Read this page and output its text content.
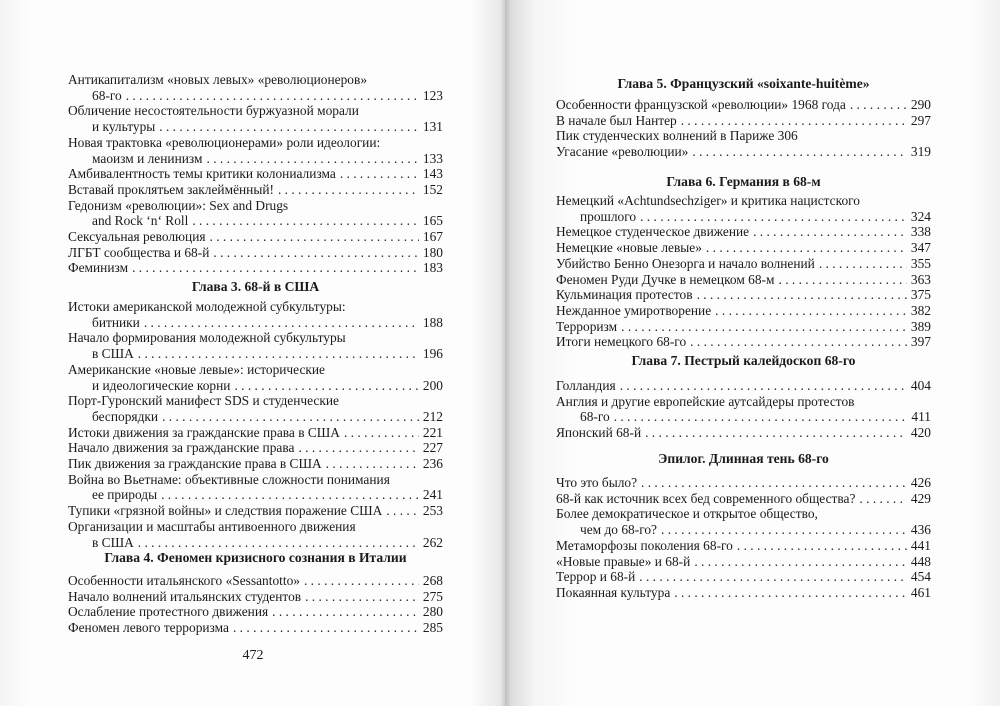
472
Антикапитализм «новых левых» «революционеров»
68-го . . .	123
Обличение несостоятельности буржуазной морали
и культуры . . .	131
Новая трактовка «революционерами» роли идеологии:
маоизм и ленинизм . . .	133
Амбивалентность темы критики колониализма . . .	143
Вставай проклятьем заклеймённый! . . .	152
Гедонизм «революции»: Sex and Drugs
and Rock ‘n‘ Roll . . .	165
Сексуальная революция . . .	167
ЛГБТ сообщества и 68-й . . .	180
Феминизм . . .	183
Глава 3. 68-й в США
Истоки американской молодежной субкультуры:
битники . . .	188
Начало формирования молодежной субкультуры
в США . . .	196
Американские «новые левые»: исторические
и идеологические корни . . .	200
Порт-Гуронский манифест SDS и студенческие
беспорядки . . .	212
Истоки движения за гражданские права в США . . .	221
Начало движения за гражданские права . . .	227
Пик движения за гражданские права в США . . .	236
Война во Вьетнаме: объективные сложности понимания
ее природы . . .	241
Тупики «грязной войны» и следствия поражение США . . .	253
Организации и масштабы антивоенного движения
в США . . .	262
Глава 4. Феномен кризисного сознания в Италии
Особенности итальянского «Sessantotto» . . .	268
Начало волнений итальянских студентов . . .	275
Ослабление протестного движения . . .	280
Феномен левого терроризма . . .	285
Глава 5. Французский «soixante-huitème»
Особенности французской «революции» 1968 года . . .	290
В начале был Нантер . . .	297
Пик студенческих волнений в Париже 306
Угасание «революции» . . .	319
Глава 6. Германия в 68-м
Немецкий «Achtundsechziger» и критика нацистского
прошлого . . .	324
Немецкое студенческое движение . . .	338
Немецкие «новые левые» . . .	347
Убийство Бенно Онезорга и начало волнений . . .	355
Феномен Руди Дучке в немецком 68-м . . .	363
Кульминация протестов . . .	375
Нежданное умиротворение . . .	382
Терроризм . . .	389
Итоги немецкого 68-го . . .	397
Глава 7. Пестрый калейдоскоп 68-го
Голландия . . .	404
Англия и другие европейские аутсайдеры протестов
68-го . . .	411
Японский 68-й . . .	420
Эпилог. Длинная тень 68-го
Что это было? . . .	426
68-й как источник всех бед современного общества? . . .	429
Более демократическое и открытое общество,
чем до 68-го? . . .	436
Метаморфозы поколения 68-го . . .	441
«Новые правые» и 68-й . . .	448
Террор и 68-й . . .	454
Покаянная культура . . .	461
